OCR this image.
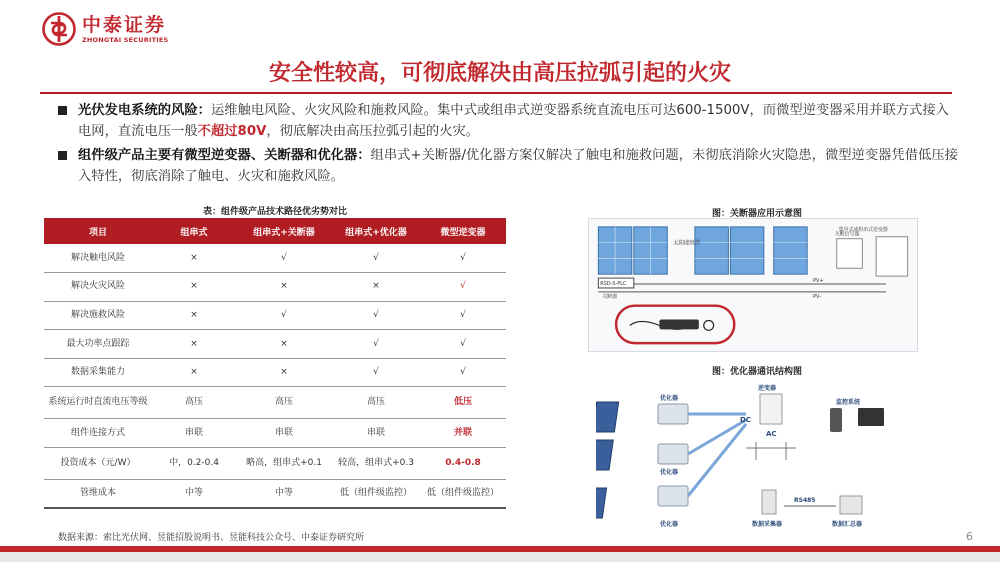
中泰证券
ZHONGTAI SECURITIES
安全性较高，可彻底解决由高压拉弧引起的火灾
光伏发电系统的风险：运维触电风险、火灾风险和施救风险。集中式或组串式逆变器系统直流电压可达600-1500V，而微型逆变器采用并联方式接入电网，直流电压一般不超过80V，彻底解决由高压拉弧引起的火灾。
组件级产品主要有微型逆变器、关断器和优化器：组串式+关断器/优化器方案仅解决了触电和施救问题，未彻底消除火灾隐患，微型逆变器凭借低压接入特性，彻底消除了触电、火灾和施救风险。
表：组件级产品技术路径优劣势对比
项目	组串式	组串式+关断器	组串式+优化器	微型逆变器
解决触电风险	×	√	√	√
解决火灾风险	×	×	×	√
解决施救风险	×	√	√	√
最大功率点跟踪	×	×	√	√
数据采集能力	×	×	√	√
系统运行时直流电压等级	高压	高压	高压	低压
组件连接方式	串联	串联	串联	并联
投资成本（元/W）	中，0.2-0.4	略高，组串式+0.1	较高，组串式+0.3	0.4-0.8
管维成本	中等	中等	低（组件级监控）	低（组件级监控）
图：关断器应用示意图
太阳能组件
集中式或组串式逆变器
关断信号器
RSD-S-PLC
关断器
PV+
PV-
图：优化器通讯结构图
优化器
优化器
优化器
DC
逆变器
AC
监控系统
数据采集器
RS485
数据汇总器
数据来源：索比光伏网、昱能招股说明书、昱能科技公众号、中泰证券研究所	6
